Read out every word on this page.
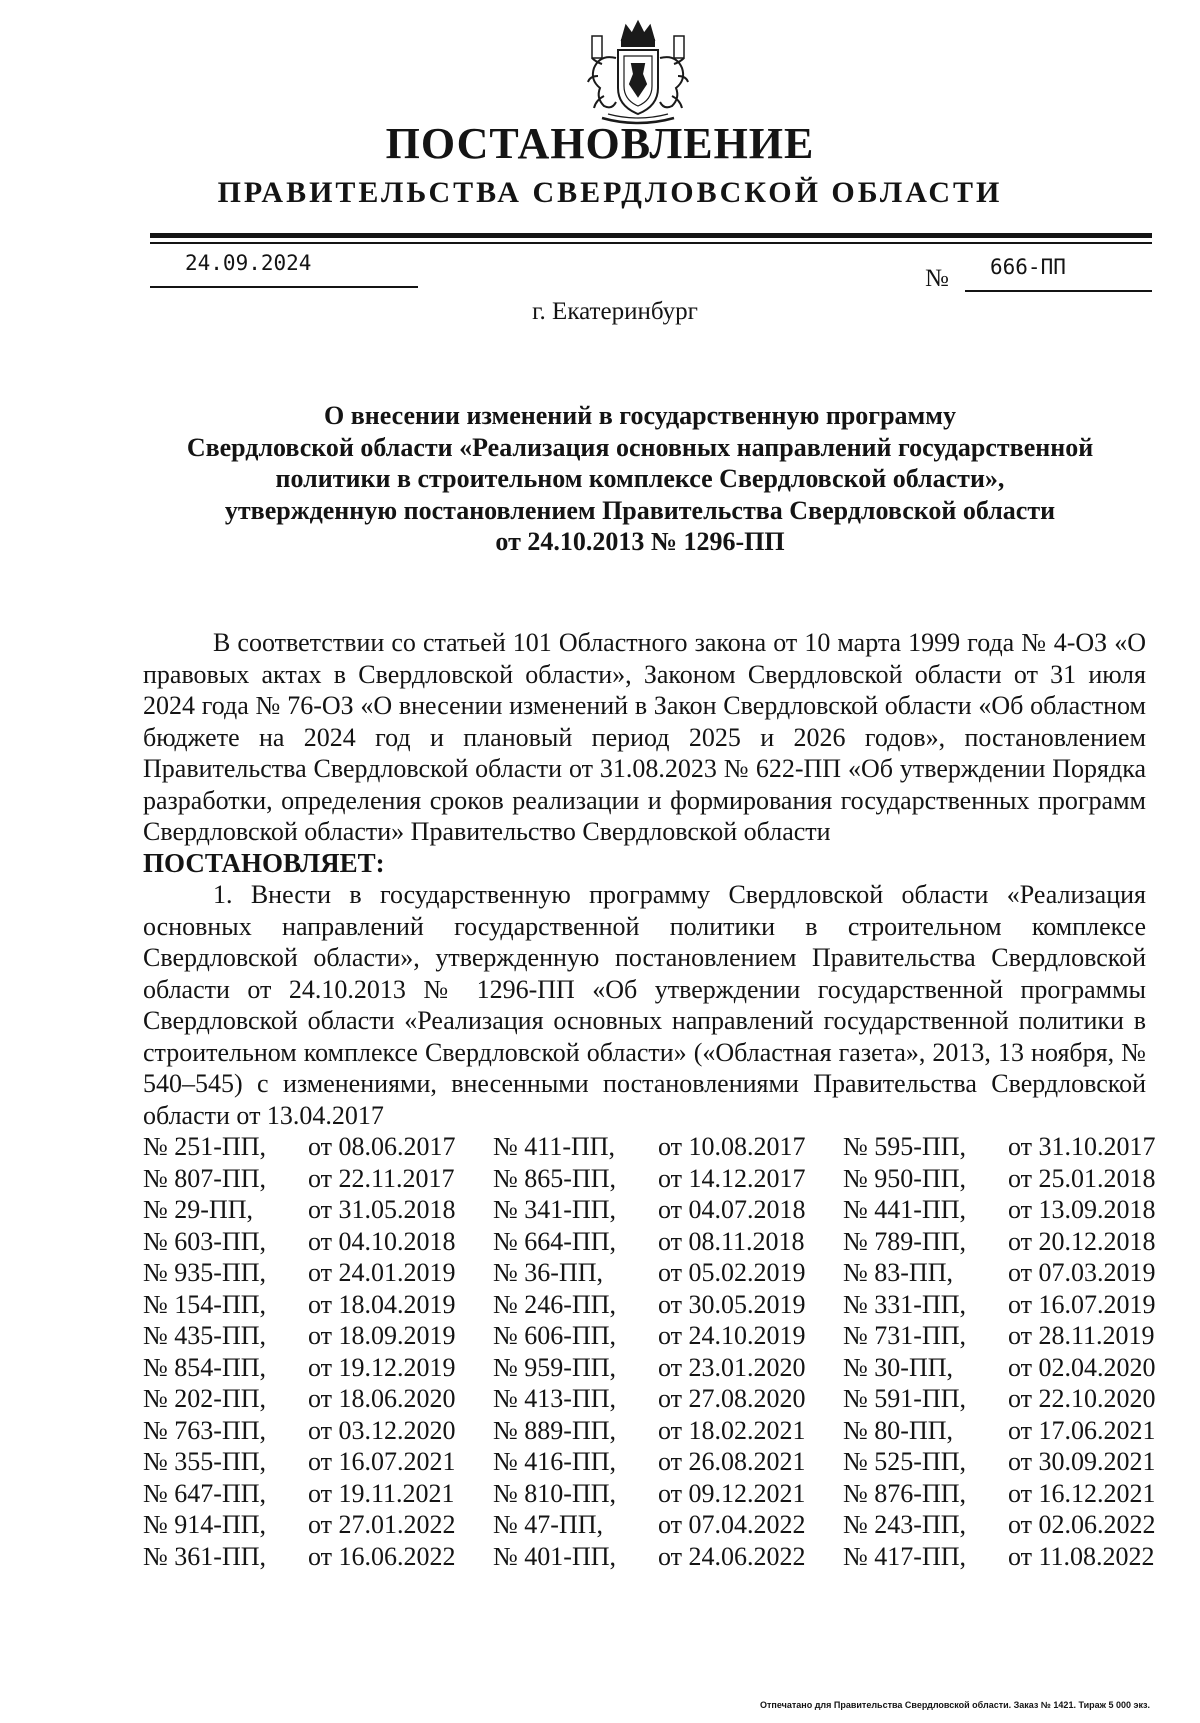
ПОСТАНОВЛЕНИЕ
ПРАВИТЕЛЬСТВА СВЕРДЛОВСКОЙ ОБЛАСТИ
24.09.2024
№ 666-ПП
г. Екатеринбург
О внесении изменений в государственную программу
Свердловской области «Реализация основных направлений государственной
политики в строительном комплексе Свердловской области»,
утвержденную постановлением Правительства Свердловской области
от 24.10.2013 № 1296-ПП

В соответствии со статьей 101 Областного закона от 10 марта 1999 года № 4-ОЗ «О правовых актах в Свердловской области», Законом Свердловской области от 31 июля 2024 года № 76-ОЗ «О внесении изменений в Закон Свердловской области «Об областном бюджете на 2024 год и плановый период 2025 и 2026 годов», постановлением Правительства Свердловской области от 31.08.2023 № 622-ПП «Об утверждении Порядка разработки, определения сроков реализации и формирования государственных программ Свердловской области» Правительство Свердловской области

ПОСТАНОВЛЯЕТ:

1. Внести в государственную программу Свердловской области «Реализация основных направлений государственной политики в строительном комплексе Свердловской области», утвержденную постановлением Правительства Свердловской области от 24.10.2013 № 1296-ПП «Об утверждении государственной программы Свердловской области «Реализация основных направлений государственной политики в строительном комплексе Свердловской области» («Областная газета», 2013, 13 ноября, № 540–545) с изменениями, внесенными постановлениями Правительства Свердловской области от 13.04.2017

№ 251-ПП,	от 08.06.2017	№ 411-ПП,	от 10.08.2017	№ 595-ПП,	от 31.10.2017
№ 807-ПП,	от 22.11.2017	№ 865-ПП,	от 14.12.2017	№ 950-ПП,	от 25.01.2018
№ 29-ПП,	от 31.05.2018	№ 341-ПП,	от 04.07.2018	№ 441-ПП,	от 13.09.2018
№ 603-ПП,	от 04.10.2018	№ 664-ПП,	от 08.11.2018	№ 789-ПП,	от 20.12.2018
№ 935-ПП,	от 24.01.2019	№ 36-ПП,	от 05.02.2019	№ 83-ПП,	от 07.03.2019
№ 154-ПП,	от 18.04.2019	№ 246-ПП,	от 30.05.2019	№ 331-ПП,	от 16.07.2019
№ 435-ПП,	от 18.09.2019	№ 606-ПП,	от 24.10.2019	№ 731-ПП,	от 28.11.2019
№ 854-ПП,	от 19.12.2019	№ 959-ПП,	от 23.01.2020	№ 30-ПП,	от 02.04.2020
№ 202-ПП,	от 18.06.2020	№ 413-ПП,	от 27.08.2020	№ 591-ПП,	от 22.10.2020
№ 763-ПП,	от 03.12.2020	№ 889-ПП,	от 18.02.2021	№ 80-ПП,	от 17.06.2021
№ 355-ПП,	от 16.07.2021	№ 416-ПП,	от 26.08.2021	№ 525-ПП,	от 30.09.2021
№ 647-ПП,	от 19.11.2021	№ 810-ПП,	от 09.12.2021	№ 876-ПП,	от 16.12.2021
№ 914-ПП,	от 27.01.2022	№ 47-ПП,	от 07.04.2022	№ 243-ПП,	от 02.06.2022
№ 361-ПП,	от 16.06.2022	№ 401-ПП,	от 24.06.2022	№ 417-ПП,	от 11.08.2022
Отпечатано для Правительства Свердловской области. Заказ № 1421. Тираж 5 000 экз.
